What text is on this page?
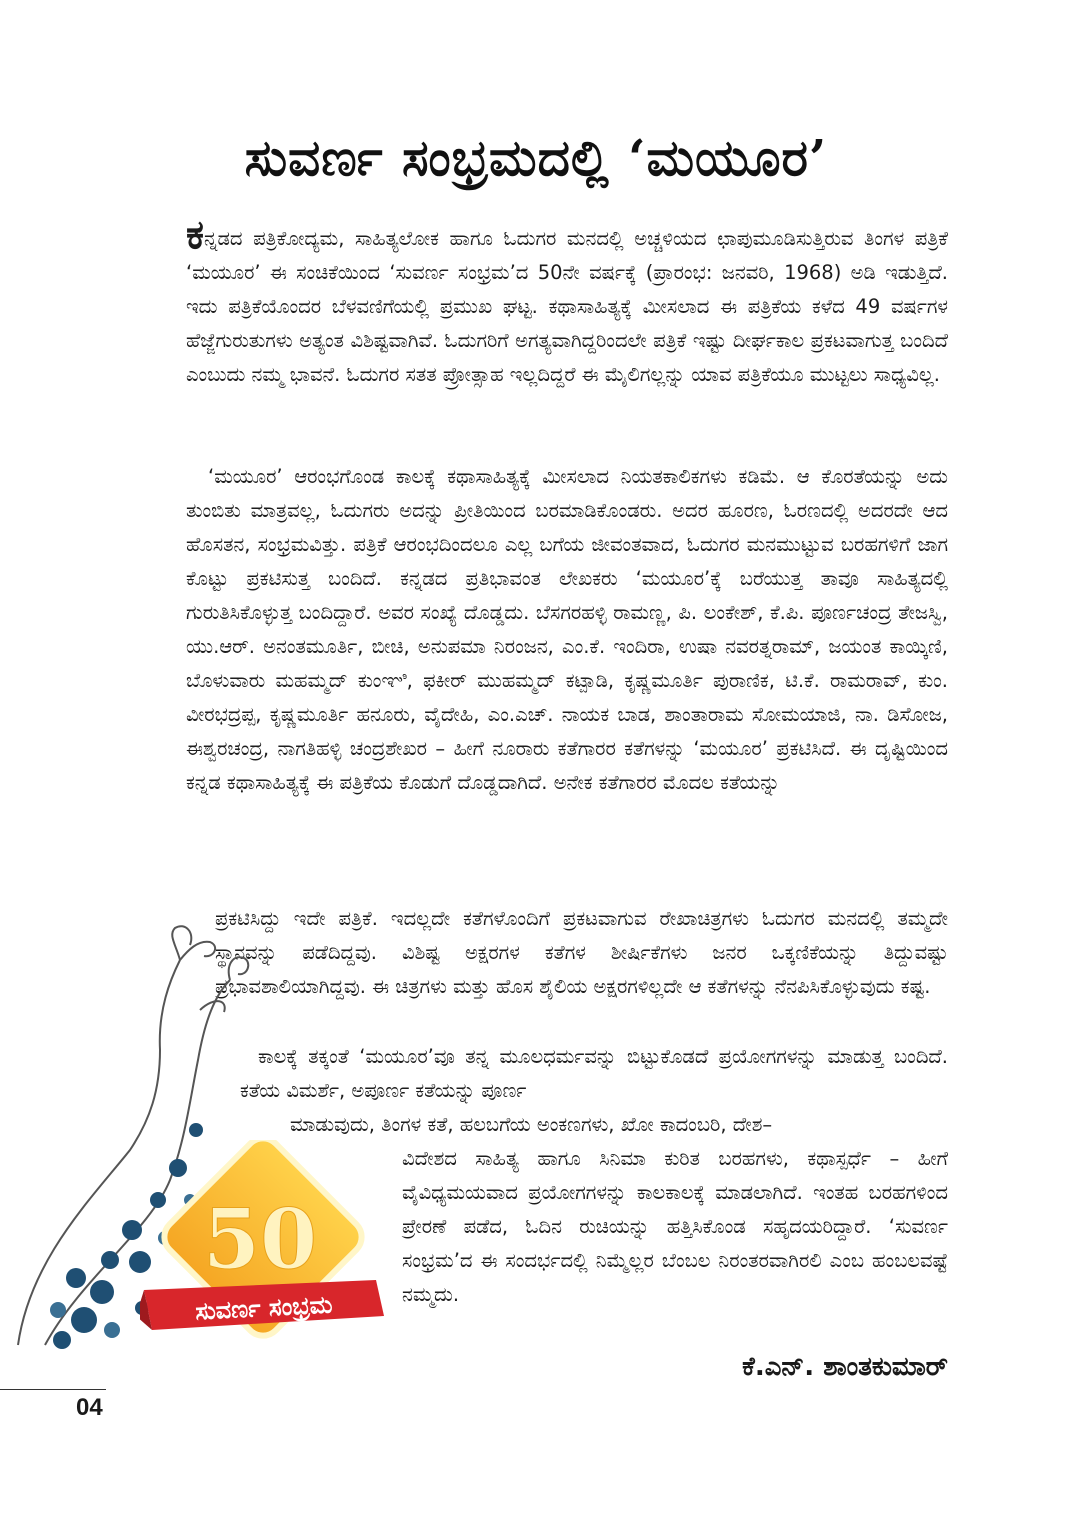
ಸುವರ್ಣ ಸಂಭ್ರಮದಲ್ಲಿ ‘ಮಯೂರ’

ಕನ್ನಡದ ಪತ್ರಿಕೋದ್ಯಮ, ಸಾಹಿತ್ಯಲೋಕ ಹಾಗೂ ಓದುಗರ ಮನದಲ್ಲಿ ಅಚ್ಚಳಿಯದ ಛಾಪುಮೂಡಿಸುತ್ತಿರುವ ತಿಂಗಳ ಪತ್ರಿಕೆ ‘ಮಯೂರ’ ಈ ಸಂಚಿಕೆಯಿಂದ ‘ಸುವರ್ಣ ಸಂಭ್ರಮ’ದ 50ನೇ ವರ್ಷಕ್ಕೆ (ಪ್ರಾರಂಭ: ಜನವರಿ, 1968) ಅಡಿ ಇಡುತ್ತಿದೆ. ಇದು ಪತ್ರಿಕೆಯೊಂದರ ಬೆಳವಣಿಗೆಯಲ್ಲಿ ಪ್ರಮುಖ ಘಟ್ಟ. ಕಥಾಸಾಹಿತ್ಯಕ್ಕೆ ಮೀಸಲಾದ ಈ ಪತ್ರಿಕೆಯ ಕಳೆದ 49 ವರ್ಷಗಳ ಹೆಜ್ಜೆಗುರುತುಗಳು ಅತ್ಯಂತ ವಿಶಿಷ್ಟವಾಗಿವೆ. ಓದುಗರಿಗೆ ಅಗತ್ಯವಾಗಿದ್ದರಿಂದಲೇ ಪತ್ರಿಕೆ ಇಷ್ಟು ದೀರ್ಘಕಾಲ ಪ್ರಕಟವಾಗುತ್ತ ಬಂದಿದೆ ಎಂಬುದು ನಮ್ಮ ಭಾವನೆ. ಓದುಗರ ಸತತ ಪ್ರೋತ್ಸಾಹ ಇಲ್ಲದಿದ್ದರೆ ಈ ಮೈಲಿಗಲ್ಲನ್ನು ಯಾವ ಪತ್ರಿಕೆಯೂ ಮುಟ್ಟಲು ಸಾಧ್ಯವಿಲ್ಲ.

‘ಮಯೂರ’ ಆರಂಭಗೊಂಡ ಕಾಲಕ್ಕೆ ಕಥಾಸಾಹಿತ್ಯಕ್ಕೆ ಮೀಸಲಾದ ನಿಯತಕಾಲಿಕಗಳು ಕಡಿಮೆ. ಆ ಕೊರತೆಯನ್ನು ಅದು ತುಂಬಿತು ಮಾತ್ರವಲ್ಲ, ಓದುಗರು ಅದನ್ನು ಪ್ರೀತಿಯಿಂದ ಬರಮಾಡಿಕೊಂಡರು. ಅದರ ಹೂರಣ, ಓರಣದಲ್ಲಿ ಅದರದೇ ಆದ ಹೊಸತನ, ಸಂಭ್ರಮವಿತ್ತು. ಪತ್ರಿಕೆ ಆರಂಭದಿಂದಲೂ ಎಲ್ಲ ಬಗೆಯ ಜೀವಂತವಾದ, ಓದುಗರ ಮನಮುಟ್ಟುವ ಬರಹಗಳಿಗೆ ಜಾಗ ಕೊಟ್ಟು ಪ್ರಕಟಿಸುತ್ತ ಬಂದಿದೆ. ಕನ್ನಡದ ಪ್ರತಿಭಾವಂತ ಲೇಖಕರು ‘ಮಯೂರ’ಕ್ಕೆ ಬರೆಯುತ್ತ ತಾವೂ ಸಾಹಿತ್ಯದಲ್ಲಿ ಗುರುತಿಸಿಕೊಳ್ಳುತ್ತ ಬಂದಿದ್ದಾರೆ. ಅವರ ಸಂಖ್ಯೆ ದೊಡ್ಡದು. ಬೆಸಗರಹಳ್ಳಿ ರಾಮಣ್ಣ, ಪಿ. ಲಂಕೇಶ್, ಕೆ.ಪಿ. ಪೂರ್ಣಚಂದ್ರ ತೇಜಸ್ವಿ, ಯು.ಆರ್. ಅನಂತಮೂರ್ತಿ, ಬೀಚಿ, ಅನುಪಮಾ ನಿರಂಜನ, ಎಂ.ಕೆ. ಇಂದಿರಾ, ಉಷಾ ನವರತ್ನರಾಮ್, ಜಯಂತ ಕಾಯ್ಕಿಣಿ, ಬೊಳುವಾರು ಮಹಮ್ಮದ್ ಕುಂಞಿ, ಫಕೀರ್ ಮುಹಮ್ಮದ್ ಕಟ್ಪಾಡಿ, ಕೃಷ್ಣಮೂರ್ತಿ ಪುರಾಣಿಕ, ಟಿ.ಕೆ. ರಾಮರಾವ್, ಕುಂ. ವೀರಭದ್ರಪ್ಪ, ಕೃಷ್ಣಮೂರ್ತಿ ಹನೂರು, ವೈದೇಹಿ, ಎಂ.ಎಚ್. ನಾಯಕ ಬಾಡ, ಶಾಂತಾರಾಮ ಸೋಮಯಾಜಿ, ನಾ. ಡಿಸೋಜ, ಈಶ್ವರಚಂದ್ರ, ನಾಗತಿಹಳ್ಳಿ ಚಂದ್ರಶೇಖರ – ಹೀಗೆ ನೂರಾರು ಕತೆಗಾರರ ಕತೆಗಳನ್ನು ‘ಮಯೂರ’ ಪ್ರಕಟಿಸಿದೆ. ಈ ದೃಷ್ಟಿಯಿಂದ ಕನ್ನಡ ಕಥಾಸಾಹಿತ್ಯಕ್ಕೆ ಈ ಪತ್ರಿಕೆಯ ಕೊಡುಗೆ ದೊಡ್ಡದಾಗಿದೆ. ಅನೇಕ ಕತೆಗಾರರ ಮೊದಲ ಕತೆಯನ್ನು

ಪ್ರಕಟಿಸಿದ್ದು ಇದೇ ಪತ್ರಿಕೆ. ಇದಲ್ಲದೇ ಕತೆಗಳೊಂದಿಗೆ ಪ್ರಕಟವಾಗುವ ರೇಖಾಚಿತ್ರಗಳು ಓದುಗರ ಮನದಲ್ಲಿ ತಮ್ಮದೇ ಸ್ಥಾನವನ್ನು ಪಡೆದಿದ್ದವು. ವಿಶಿಷ್ಟ ಅಕ್ಷರಗಳ ಕತೆಗಳ ಶೀರ್ಷಿಕೆಗಳು ಜನರ ಒಕ್ಕಣಿಕೆಯನ್ನು ತಿದ್ದುವಷ್ಟು ಪ್ರಭಾವಶಾಲಿಯಾಗಿದ್ದವು. ಈ ಚಿತ್ರಗಳು ಮತ್ತು ಹೊಸ ಶೈಲಿಯ ಅಕ್ಷರಗಳಿಲ್ಲದೇ ಆ ಕತೆಗಳನ್ನು ನೆನಪಿಸಿಕೊಳ್ಳುವುದು ಕಷ್ಟ.

ಕಾಲಕ್ಕೆ ತಕ್ಕಂತೆ ‘ಮಯೂರ’ವೂ ತನ್ನ ಮೂಲಧರ್ಮವನ್ನು ಬಿಟ್ಟುಕೊಡದೆ ಪ್ರಯೋಗಗಳನ್ನು ಮಾಡುತ್ತ ಬಂದಿದೆ. ಕತೆಯ ವಿಮರ್ಶೆ, ಅಪೂರ್ಣ ಕತೆಯನ್ನು ಪೂರ್ಣ

ಮಾಡುವುದು, ತಿಂಗಳ ಕತೆ, ಹಲಬಗೆಯ ಅಂಕಣಗಳು, ಖೋ ಕಾದಂಬರಿ, ದೇಶ–

ವಿದೇಶದ ಸಾಹಿತ್ಯ ಹಾಗೂ ಸಿನಿಮಾ ಕುರಿತ ಬರಹಗಳು, ಕಥಾಸ್ಪರ್ಧೆ – ಹೀಗೆ ವೈವಿಧ್ಯಮಯವಾದ ಪ್ರಯೋಗಗಳನ್ನು ಕಾಲಕಾಲಕ್ಕೆ ಮಾಡಲಾಗಿದೆ. ಇಂತಹ ಬರಹಗಳಿಂದ ಪ್ರೇರಣೆ ಪಡೆದ, ಓದಿನ ರುಚಿಯನ್ನು ಹತ್ತಿಸಿಕೊಂಡ ಸಹೃದಯರಿದ್ದಾರೆ. ‘ಸುವರ್ಣ ಸಂಭ್ರಮ’ದ ಈ ಸಂದರ್ಭದಲ್ಲಿ ನಿಮ್ಮೆಲ್ಲರ ಬೆಂಬಲ ನಿರಂತರವಾಗಿರಲಿ ಎಂಬ ಹಂಬಲವಷ್ಟೆ ನಮ್ಮದು.

ಕೆ.ಎನ್. ಶಾಂತಕುಮಾರ್
50
ಸುವರ್ಣ ಸಂಭ್ರಮ
04
